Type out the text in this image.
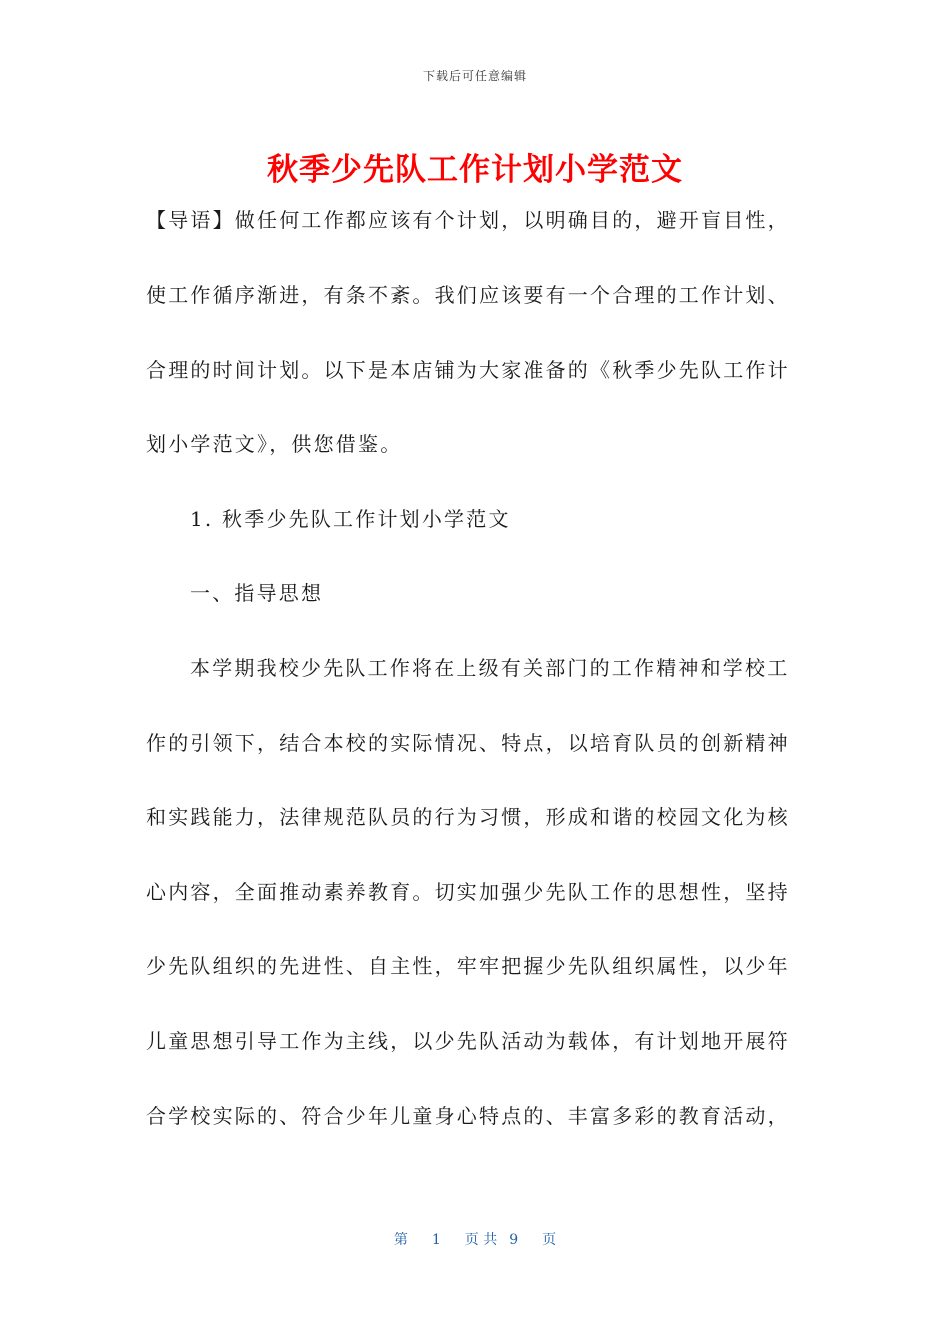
下载后可任意编辑
秋季少先队工作计划小学范文
【导语】做任何工作都应该有个计划，以明确目的，避开盲目性，
使工作循序渐进，有条不紊。我们应该要有一个合理的工作计划、
合理的时间计划。以下是本店铺为大家准备的《秋季少先队工作计
划小学范文》，供您借鉴。
1. 秋季少先队工作计划小学范文
一、指导思想
本学期我校少先队工作将在上级有关部门的工作精神和学校工
作的引领下，结合本校的实际情况、特点，以培育队员的创新精神
和实践能力，法律规范队员的行为习惯，形成和谐的校园文化为核
心内容，全面推动素养教育。切实加强少先队工作的思想性，坚持
少先队组织的先进性、自主性，牢牢把握少先队组织属性，以少年
儿童思想引导工作为主线，以少先队活动为载体，有计划地开展符
合学校实际的、符合少年儿童身心特点的、丰富多彩的教育活动，
第 1 页 共 9 页
